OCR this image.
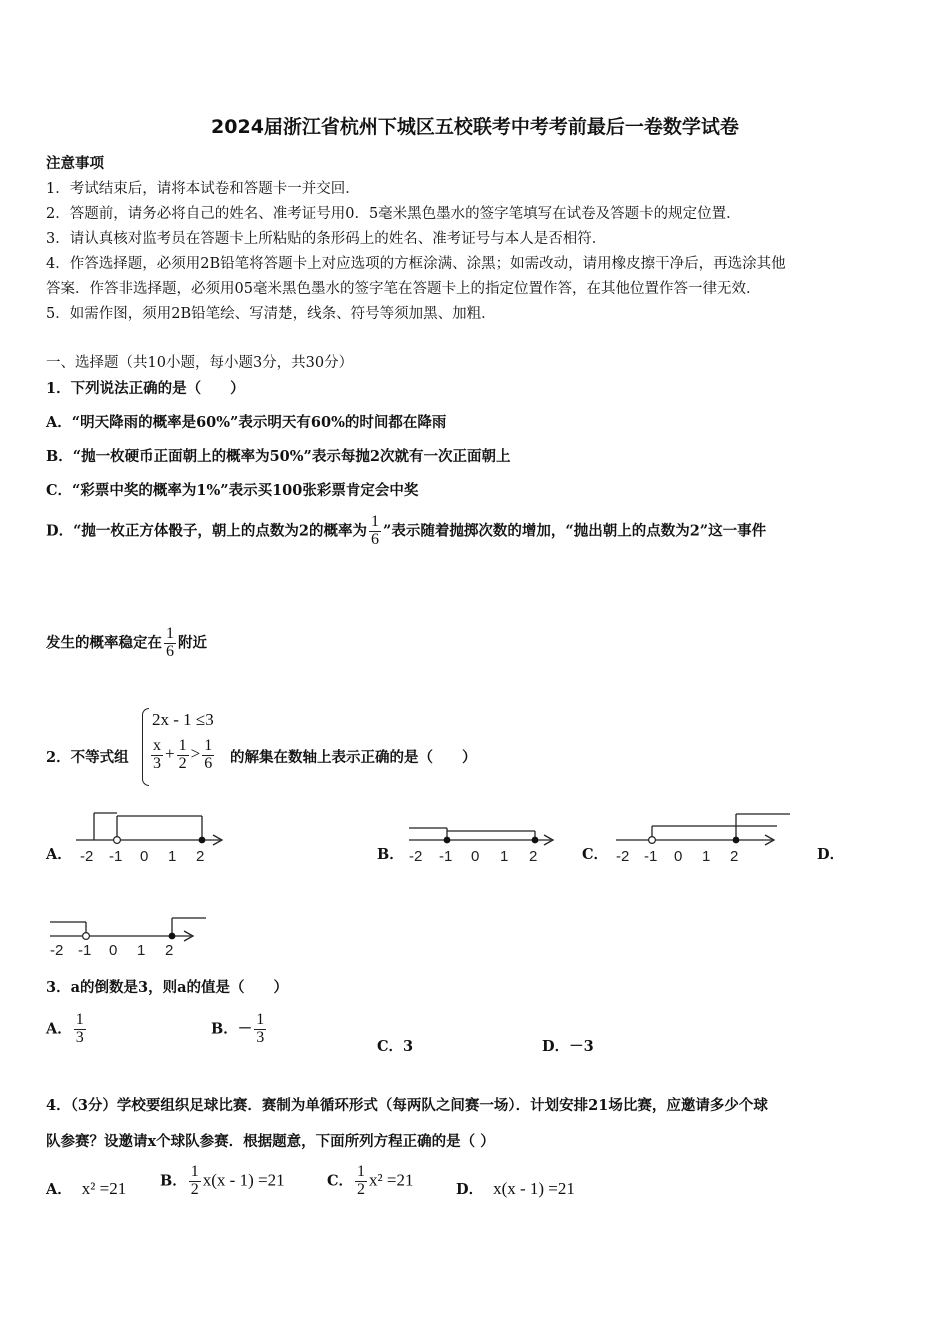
2024届浙江省杭州下城区五校联考中考考前最后一卷数学试卷
注意事项
1．考试结束后，请将本试卷和答题卡一并交回．
2．答题前，请务必将自己的姓名、准考证号用0．5毫米黑色墨水的签字笔填写在试卷及答题卡的规定位置．
3．请认真核对监考员在答题卡上所粘贴的条形码上的姓名、准考证号与本人是否相符．
4．作答选择题，必须用2B铅笔将答题卡上对应选项的方框涂满、涂黑；如需改动，请用橡皮擦干净后，再选涂其他
答案．作答非选择题，必须用05毫米黑色墨水的签字笔在答题卡上的指定位置作答，在其他位置作答一律无效．
5．如需作图，须用2B铅笔绘、写清楚，线条、符号等须加黑、加粗．
一、选择题（共10小题，每小题3分，共30分）
1．下列说法正确的是（　　）
A．“明天降雨的概率是60%”表示明天有60%的时间都在降雨
B．“抛一枚硬币正面朝上的概率为50%”表示每抛2次就有一次正面朝上
C．“彩票中奖的概率为1%”表示买100张彩票肯定会中奖
D．“抛一枚正方体骰子，朝上的点数为2的概率为 $\frac{1}{6}$ ”表示随着抛掷次数的增加，“抛出朝上的点数为2”这一事件
发生的概率稳定在 $\frac{1}{6}$ 附近
2．不等式组
2x - 1 ≤3
$\frac{x}{3} + \frac{1}{2} > \frac{1}{6}$ 的解集在数轴上表示正确的是（　　）
A．	B．	C．	D．
-2 -1 0 1 2	-2 -1 0 1 2	-2 -1 0 1 2
-2 -1 0 1 2
3．a的倒数是3，则a的值是（　　）
A． $\frac{1}{3}$	B．－ $\frac{1}{3}$	C．3	D．－3
4．（3分）学校要组织足球比赛．赛制为单循环形式（每两队之间赛一场）．计划安排21场比赛，应邀请多少个球
队参赛？设邀请x个球队参赛．根据题意，下面所列方程正确的是（ ）
A． x² =21 B． $\frac{1}{2} x(x - 1) =21$	C． $\frac{1}{2} x^2 =21$
D． x(x - 1) =21
